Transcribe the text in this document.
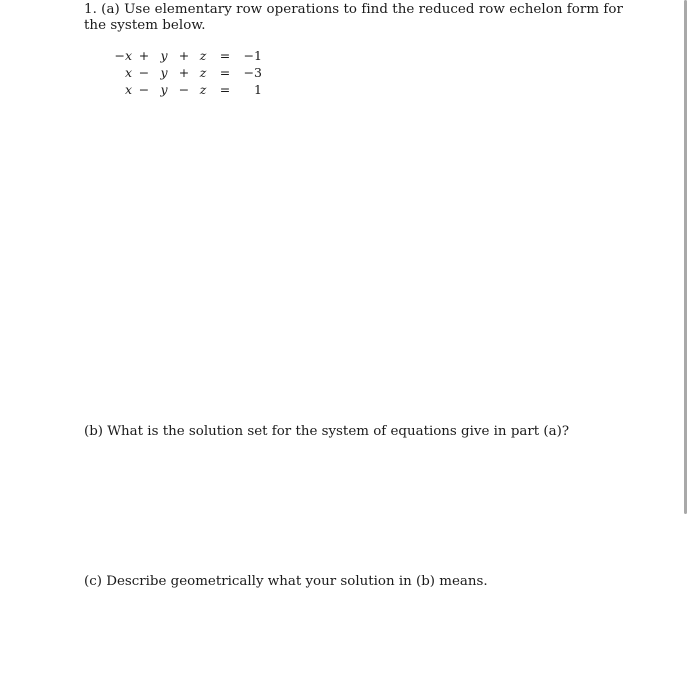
1. (a) Use elementary row operations to find the reduced row echelon form for the system below.
−x + y + z =	−1
x − y + z =	−3
x − y − z =	1
(b) What is the solution set for the system of equations give in part (a)?
(c) Describe geometrically what your solution in (b) means.
